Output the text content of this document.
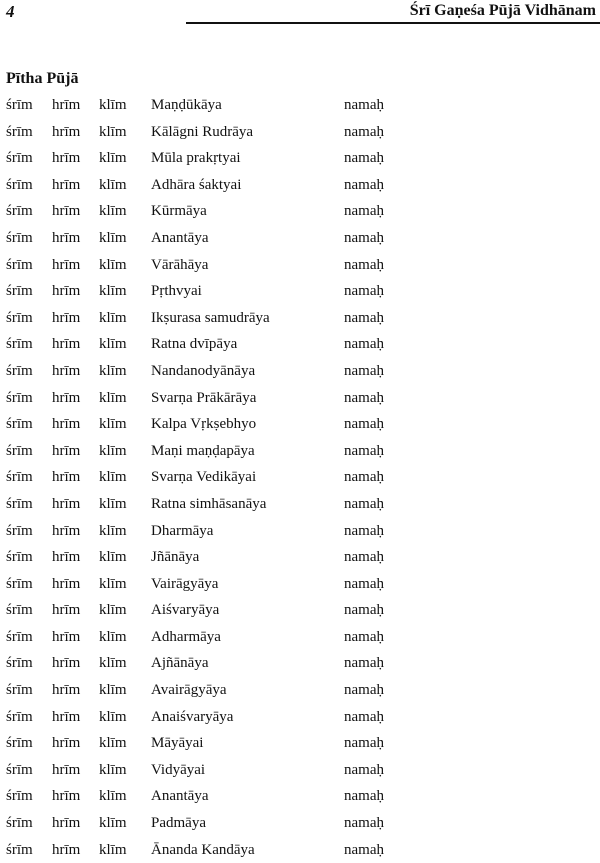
4	Śrī Gaṇeśa Pūjā Vidhānam
Pītha Pūjā
śrīm hrīm klīm Maṇḍūkāya	namaḥ
śrīm hrīm klīm Kālāgni Rudrāya	namaḥ
śrīm hrīm klīm Mūla prakṛtyai	namaḥ
śrīm hrīm klīm Adhāra śaktyai	namaḥ
śrīm hrīm klīm Kūrmāya	namaḥ
śrīm hrīm klīm Anantāya	namaḥ
śrīm hrīm klīm Vārāhāya	namaḥ
śrīm hrīm klīm Pṛthvyai	namaḥ
śrīm hrīm klīm Ikṣurasa samudrāya	namaḥ
śrīm hrīm klīm Ratna dvīpāya	namaḥ
śrīm hrīm klīm Nandanodyānāya	namaḥ
śrīm hrīm klīm Svarṇa Prākārāya	namaḥ
śrīm hrīm klīm Kalpa Vṛkṣebhyo	namaḥ
śrīm hrīm klīm Maṇi maṇḍapāya	namaḥ
śrīm hrīm klīm Svarṇa Vedikāyai	namaḥ
śrīm hrīm klīm Ratna simhāsanāya	namaḥ
śrīm hrīm klīm Dharmāya	namaḥ
śrīm hrīm klīm Jñānāya	namaḥ
śrīm hrīm klīm Vairāgyāya	namaḥ
śrīm hrīm klīm Aiśvaryāya	namaḥ
śrīm hrīm klīm Adharmāya	namaḥ
śrīm hrīm klīm Ajñānāya	namaḥ
śrīm hrīm klīm Avairāgyāya	namaḥ
śrīm hrīm klīm Anaiśvaryāya	namaḥ
śrīm hrīm klīm Māyāyai	namaḥ
śrīm hrīm klīm Vidyāyai	namaḥ
śrīm hrīm klīm Anantāya	namaḥ
śrīm hrīm klīm Padmāya	namaḥ
śrīm hrīm klīm Ānanda Kandāya	namaḥ
